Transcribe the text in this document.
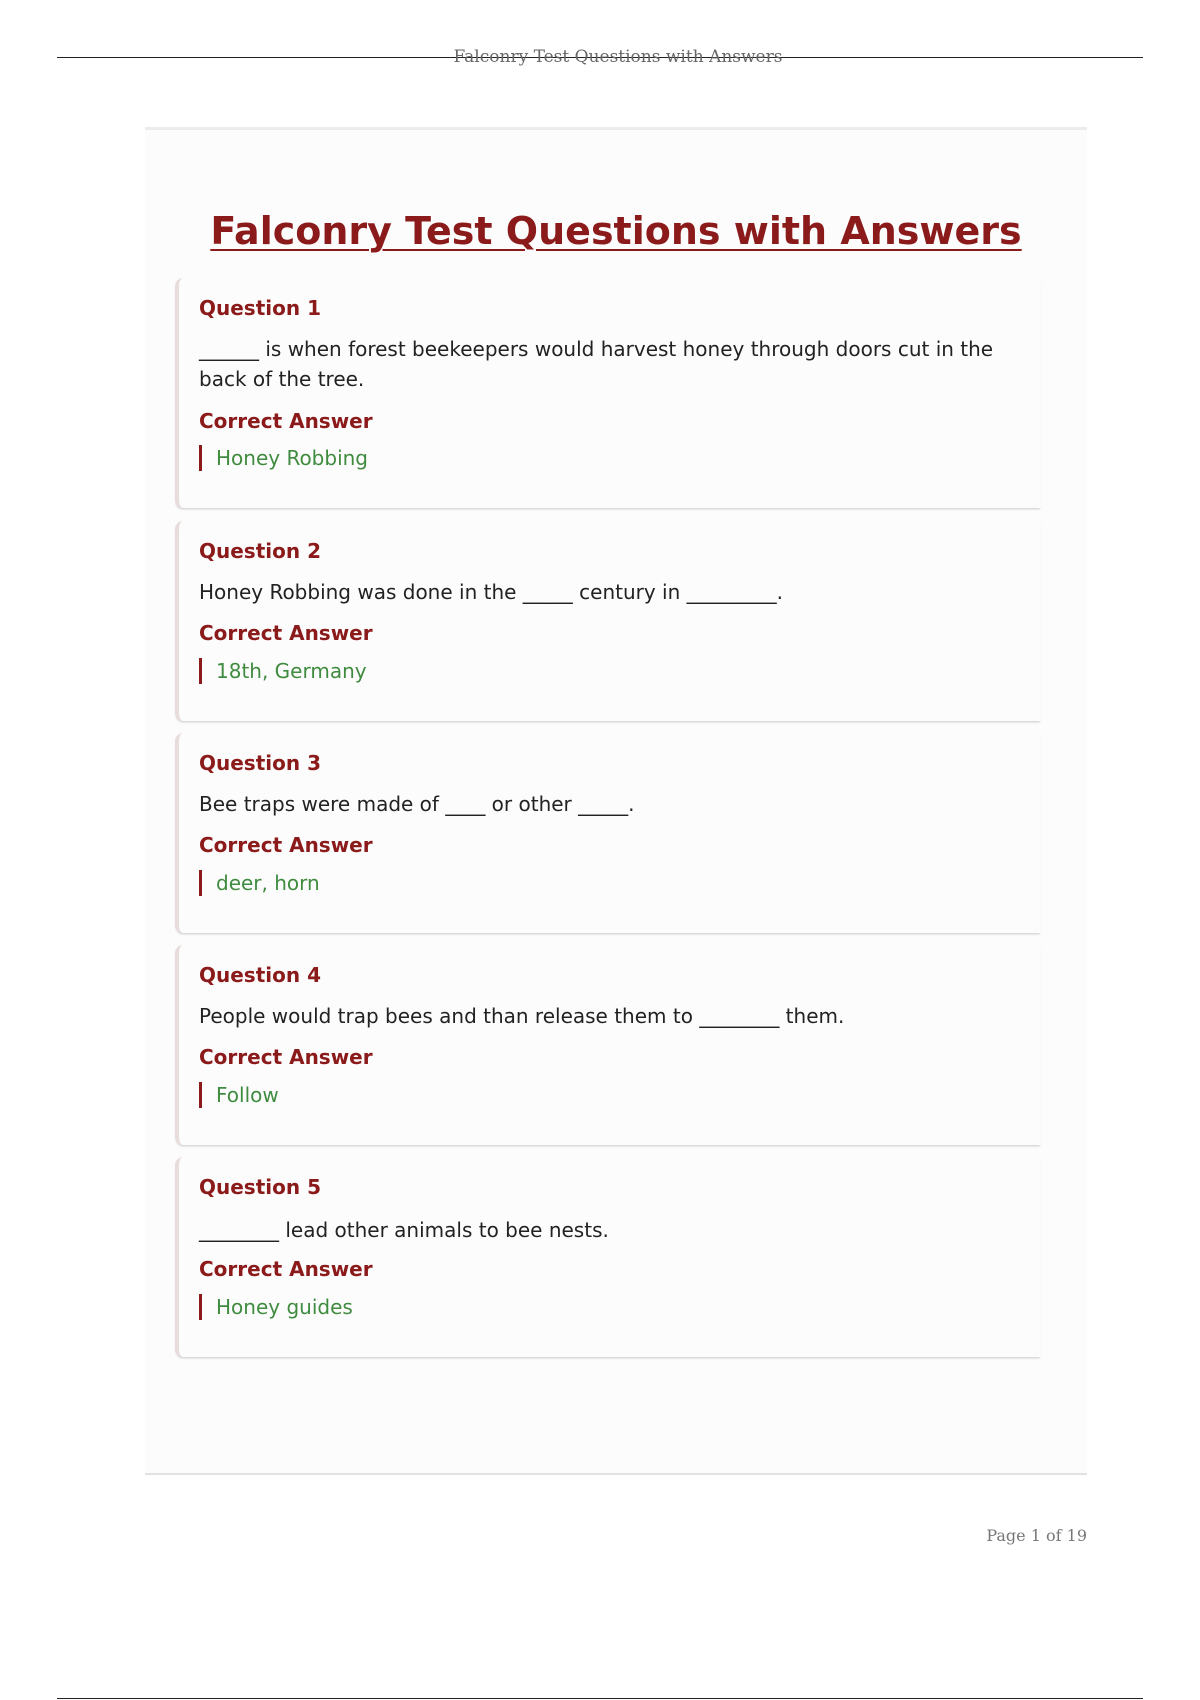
Falconry Test Questions with Answers
Falconry Test Questions with Answers
Question 1
______ is when forest beekeepers would harvest honey through doors cut in the back of the tree.
Correct Answer
Honey Robbing
Question 2
Honey Robbing was done in the _____ century in _________.
Correct Answer
18th, Germany
Question 3
Bee traps were made of ____ or other _____.
Correct Answer
deer, horn
Question 4
People would trap bees and than release them to ________ them.
Correct Answer
Follow
Question 5
________ lead other animals to bee nests.
Correct Answer
Honey guides
Page 1 of 19
